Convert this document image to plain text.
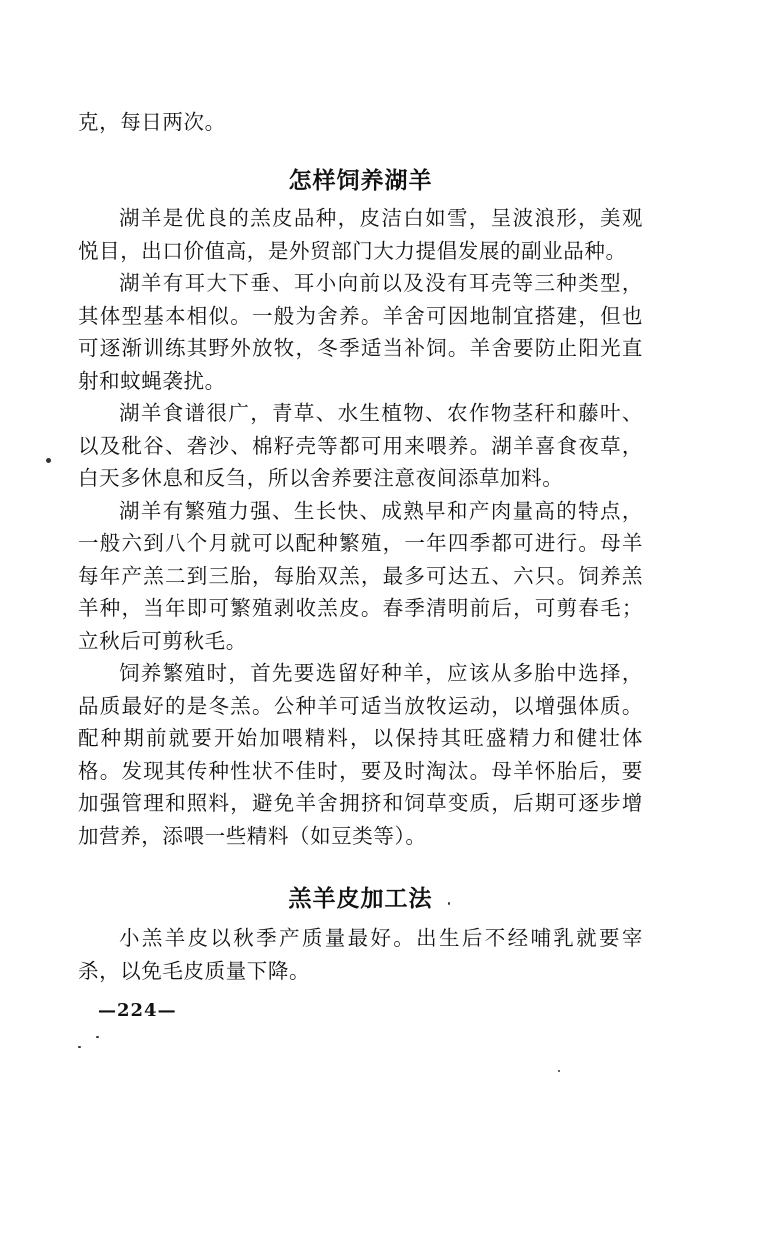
克，每日两次。

怎样饲养湖羊

湖羊是优良的羔皮品种，皮洁白如雪，呈波浪形，美观悦目，出口价值高，是外贸部门大力提倡发展的副业品种。

湖羊有耳大下垂、耳小向前以及没有耳壳等三种类型，其体型基本相似。一般为舍养。羊舍可因地制宜搭建，但也可逐渐训练其野外放牧，冬季适当补饲。羊舍要防止阳光直射和蚊蝇袭扰。

湖羊食谱很广，青草、水生植物、农作物茎秆和藤叶、以及秕谷、砻沙、棉籽壳等都可用来喂养。湖羊喜食夜草，白天多休息和反刍，所以舍养要注意夜间添草加料。

湖羊有繁殖力强、生长快、成熟早和产肉量高的特点，一般六到八个月就可以配种繁殖，一年四季都可进行。母羊每年产羔二到三胎，每胎双羔，最多可达五、六只。饲养羔羊种，当年即可繁殖剥收羔皮。春季清明前后，可剪春毛；立秋后可剪秋毛。

饲养繁殖时，首先要选留好种羊，应该从多胎中选择，品质最好的是冬羔。公种羊可适当放牧运动，以增强体质。配种期前就要开始加喂精料，以保持其旺盛精力和健壮体格。发现其传种性状不佳时，要及时淘汰。母羊怀胎后，要加强管理和照料，避免羊舍拥挤和饲草变质，后期可逐步增加营养，添喂一些精料（如豆类等）。

羔羊皮加工法

小羔羊皮以秋季产质量最好。出生后不经哺乳就要宰杀，以免毛皮质量下降。

—224—
